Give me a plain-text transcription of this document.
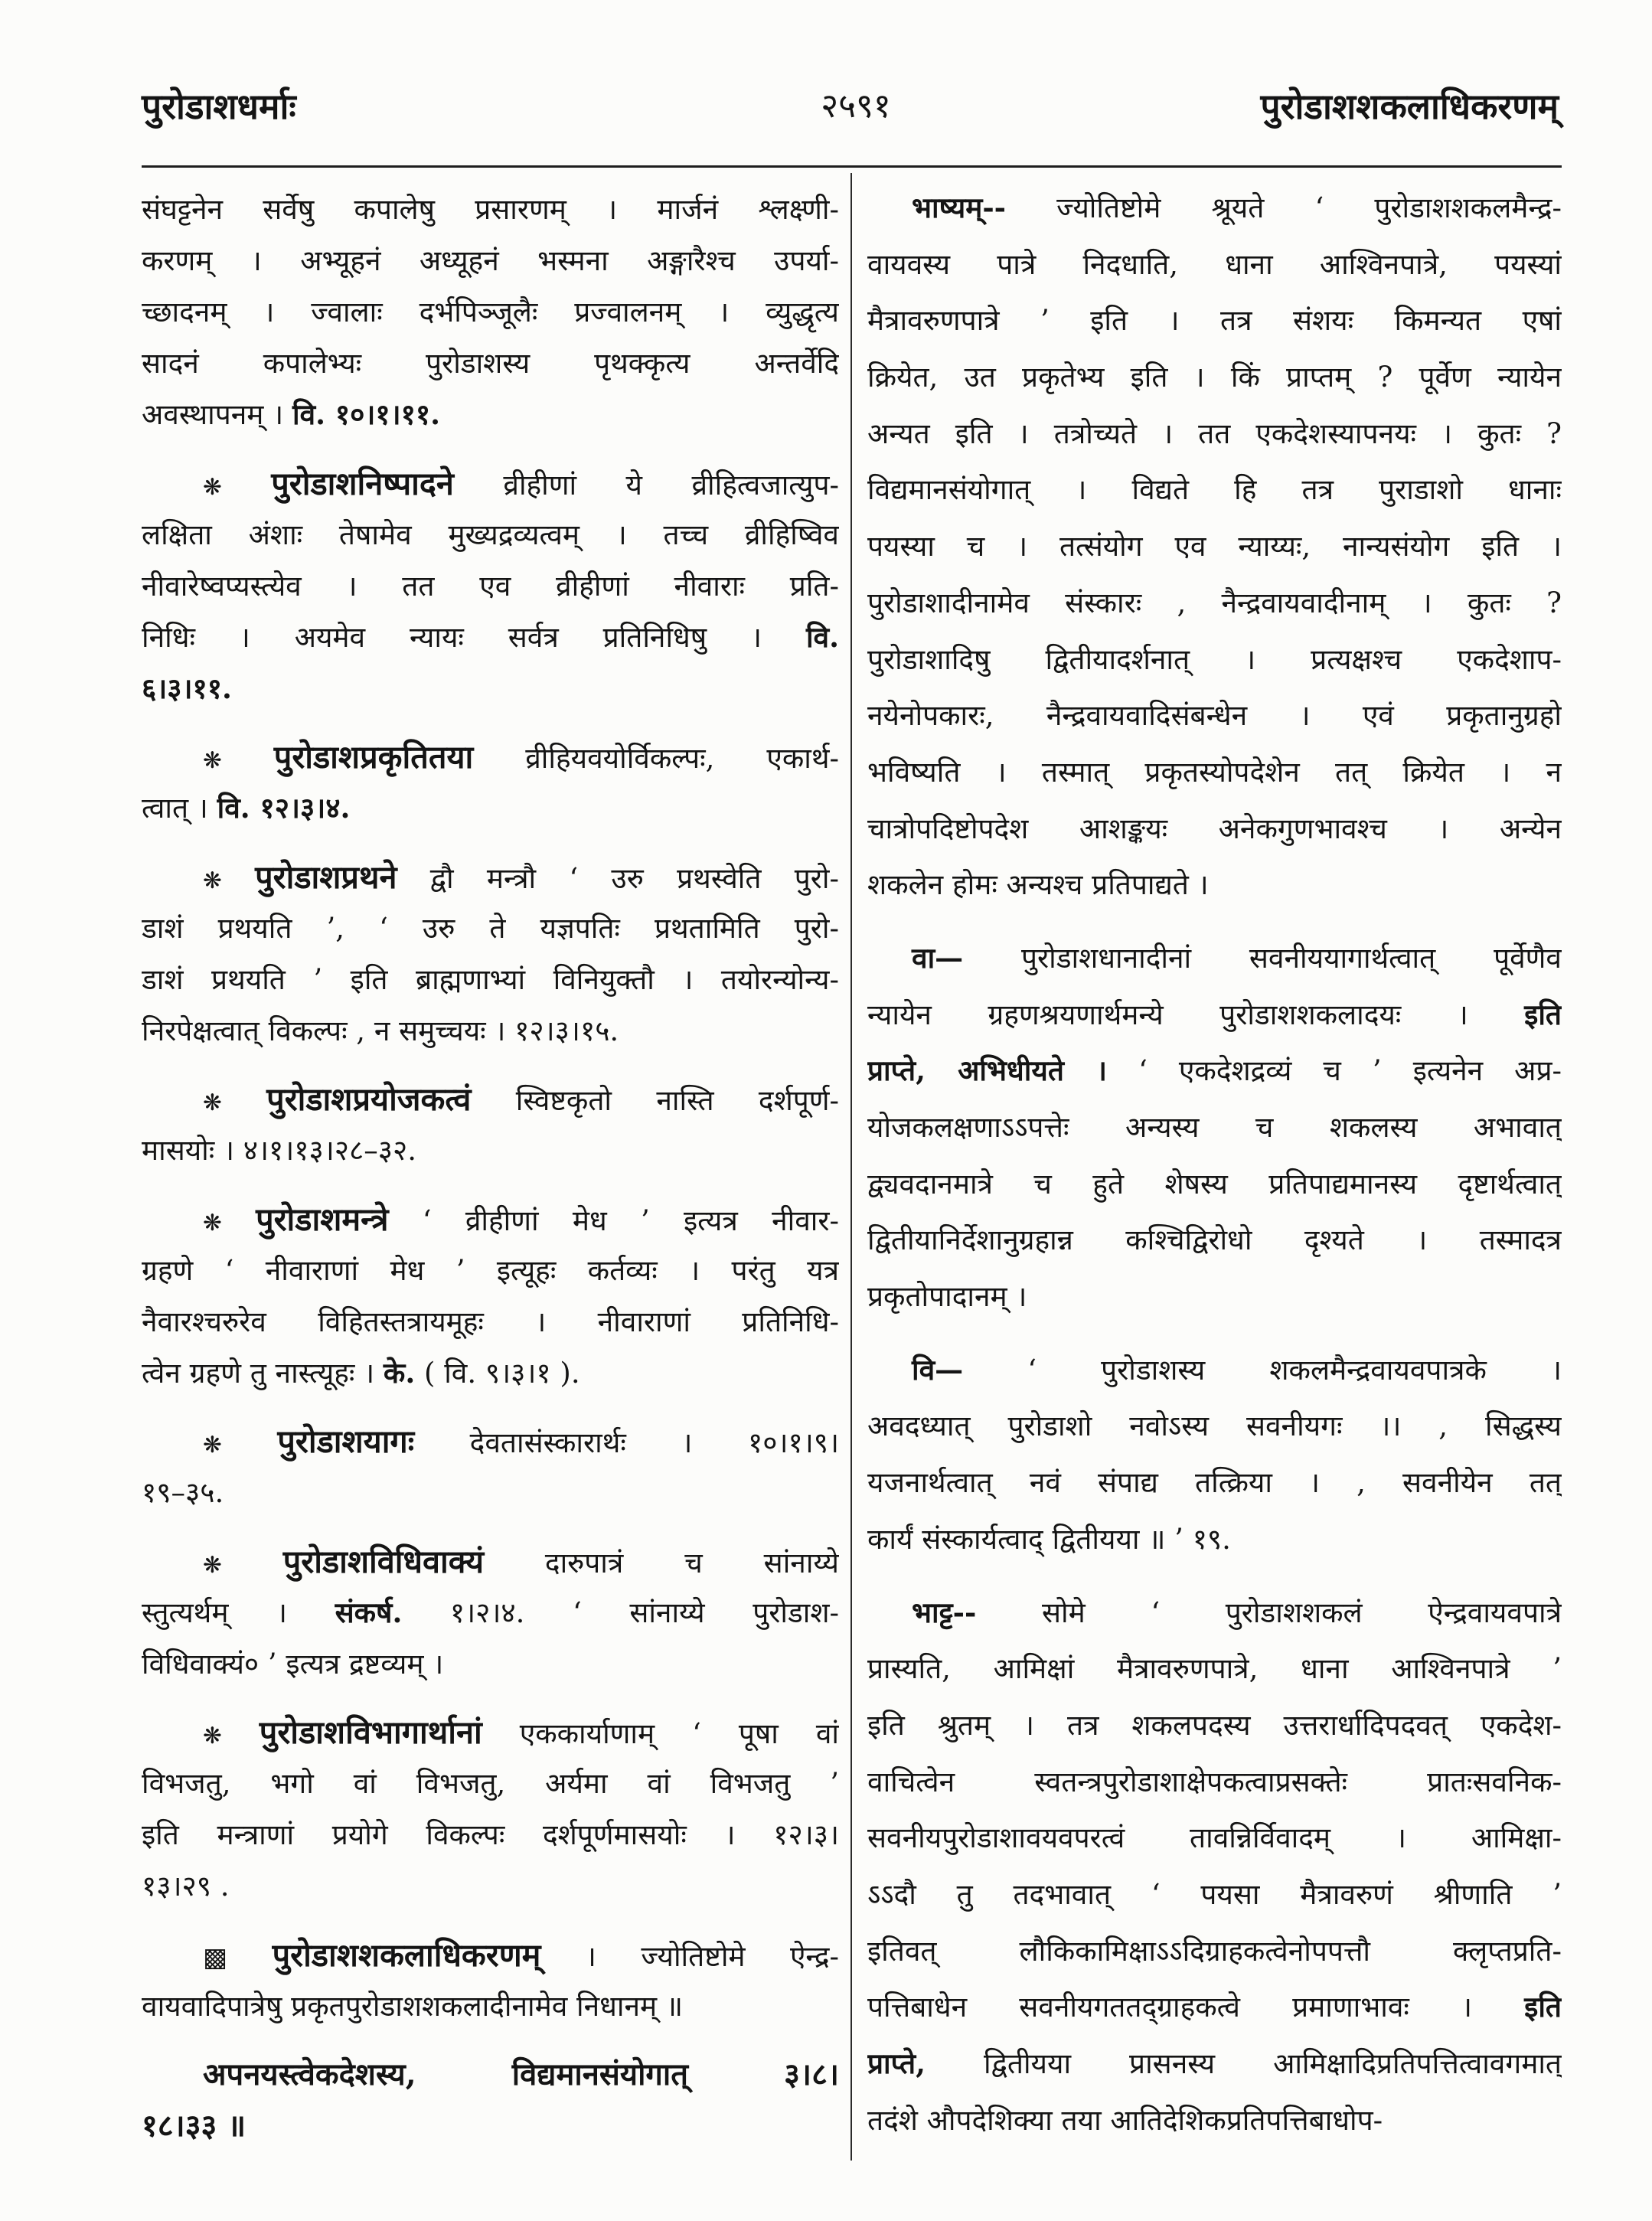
पुरोडाशधर्माः	२५९१	पुरोडाशशकलाधिकरणम्
संघट्टनेन सर्वेषु कपालेषु प्रसारणम् । मार्जनं श्लक्ष्णी-
करणम् । अभ्यूहनं अध्यूहनं भस्मना अङ्गारैश्च उपर्या-
च्छादनम् । ज्वालाः दर्भपिञ्जूलैः प्रज्वालनम् । व्युद्धृत्य
सादनं कपालेभ्यः पुरोडाशस्य पृथक्कृत्य अन्तर्वेदि
अवस्थापनम् । वि. १०।१।११.
❋ पुरोडाशनिष्पादने व्रीहीणां ये व्रीहित्वजात्युप-
लक्षिता अंशाः तेषामेव मुख्यद्रव्यत्वम् । तच्च व्रीहिष्विव
नीवारेष्वप्यस्त्येव । तत एव व्रीहीणां नीवाराः प्रति-
निधिः । अयमेव न्यायः सर्वत्र प्रतिनिधिषु । वि.
६।३।११.
❋ पुरोडाशप्रकृतितया व्रीहियवयोर्विकल्पः, एकार्थ-
त्वात् । वि. १२।३।४.
❋ पुरोडाशप्रथने द्वौ मन्त्रौ ‘ उरु प्रथस्वेति पुरो-
डाशं प्रथयति ’, ‘ उरु ते यज्ञपतिः प्रथतामिति पुरो-
डाशं प्रथयति ’ इति ब्राह्मणाभ्यां विनियुक्तौ । तयोरन्योन्य-
निरपेक्षत्वात् विकल्पः , न समुच्चयः । १२।३।१५.
❋ पुरोडाशप्रयोजकत्वं स्विष्टकृतो नास्ति दर्शपूर्ण-
मासयोः । ४।१।१३।२८–३२.
❋ पुरोडाशमन्त्रे ‘ व्रीहीणां मेध ’ इत्यत्र नीवार-
ग्रहणे ‘ नीवाराणां मेध ’ इत्यूहः कर्तव्यः । परंतु यत्र
नैवारश्चरुरेव विहितस्तत्रायमूहः । नीवाराणां प्रतिनिधि-
त्वेन ग्रहणे तु नास्त्यूहः । के. ( वि. ९।३।१ ).
❋ पुरोडाशयागः देवतासंस्कारार्थः । १०।१।९।
१९–३५.
❋ पुरोडाशविधिवाक्यं दारुपात्रं च सांनाय्ये
स्तुत्यर्थम् । संकर्ष. १।२।४. ‘ सांनाय्ये पुरोडाश-
विधिवाक्यं० ’ इत्यत्र द्रष्टव्यम् ।
❋ पुरोडाशविभागार्थानां एककार्याणाम् ‘ पूषा वां
विभजतु, भगो वां विभजतु, अर्यमा वां विभजतु ’
इति मन्त्राणां प्रयोगे विकल्पः दर्शपूर्णमासयोः । १२।३।
१३।२९ .
▩ पुरोडाशशकलाधिकरणम् । ज्योतिष्टोमे ऐन्द्र-
वायवादिपात्रेषु प्रकृतपुरोडाशशकलादीनामेव निधानम् ॥
अपनयस्त्वेकदेशस्य, विद्यमानसंयोगात् ३।८।
१८।३३ ॥
भाष्यम्-- ज्योतिष्टोमे श्रूयते ‘ पुरोडाशशकलमैन्द्र-
वायवस्य पात्रे निदधाति, धाना आश्विनपात्रे, पयस्यां
मैत्रावरुणपात्रे ’ इति । तत्र संशयः किमन्यत एषां
क्रियेत, उत प्रकृतेभ्य इति । किं प्राप्तम् ? पूर्वेण न्यायेन
अन्यत इति । तत्रोच्यते । तत एकदेशस्यापनयः । कुतः ?
विद्यमानसंयोगात् । विद्यते हि तत्र पुराडाशो धानाः
पयस्या च । तत्संयोग एव न्याय्यः, नान्यसंयोग इति ।
पुरोडाशादीनामेव संस्कारः , नैन्द्रवायवादीनाम् । कुतः ?
पुरोडाशादिषु द्वितीयादर्शनात् । प्रत्यक्षश्च एकदेशाप-
नयेनोपकारः, नैन्द्रवायवादिसंबन्धेन । एवं प्रकृतानुग्रहो
भविष्यति । तस्मात् प्रकृतस्योपदेशेन तत् क्रियेत । न
चात्रोपदिष्टोपदेश आशङ्कयः अनेकगुणभावश्च । अन्येन
शकलेन होमः अन्यश्च प्रतिपाद्यते ।
वा— पुरोडाशधानादीनां सवनीययागार्थत्वात् पूर्वेणैव
न्यायेन ग्रहणश्रयणार्थमन्ये पुरोडाशशकलादयः । इति
प्राप्ते, अभिधीयते । ‘ एकदेशद्रव्यं च ’ इत्यनेन अप्र-
योजकलक्षणाऽऽपत्तेः अन्यस्य च शकलस्य अभावात्
द्व्यवदानमात्रे च हुते शेषस्य प्रतिपाद्यमानस्य दृष्टार्थत्वात्
द्वितीयानिर्देशानुग्रहान्न कश्चिद्विरोधो दृश्यते । तस्मादत्र
प्रकृतोपादानम् ।
वि— ‘ पुरोडाशस्य शकलमैन्द्रवायवपात्रके ।
अवदध्यात् पुरोडाशो नवोऽस्य सवनीयगः ।। , सिद्धस्य
यजनार्थत्वात् नवं संपाद्य तत्क्रिया । , सवनीयेन तत्
कार्यं संस्कार्यत्वाद् द्वितीयया ॥ ’ १९.
भाट्ट-- सोमे ‘ पुरोडाशशकलं ऐन्द्रवायवपात्रे
प्रास्यति, आमिक्षां मैत्रावरुणपात्रे, धाना आश्विनपात्रे ’
इति श्रुतम् । तत्र शकलपदस्य उत्तरार्धादिपदवत् एकदेश-
वाचित्वेन स्वतन्त्रपुरोडाशाक्षेपकत्वाप्रसक्तेः प्रातःसवनिक-
सवनीयपुरोडाशावयवपरत्वं तावन्निर्विवादम् । आमिक्षा-
ऽऽदौ तु तदभावात् ‘ पयसा मैत्रावरुणं श्रीणाति ’
इतिवत् लौकिकामिक्षाऽऽदिग्राहकत्वेनोपपत्तौ क्लृप्तप्रति-
पत्तिबाधेन सवनीयगततद्ग्राहकत्वे प्रमाणाभावः । इति
प्राप्ते, द्वितीयया प्रासनस्य आमिक्षादिप्रतिपत्तित्वावगमात्
तदंशे औपदेशिक्या तया आतिदेशिकप्रतिपत्तिबाधोप-
